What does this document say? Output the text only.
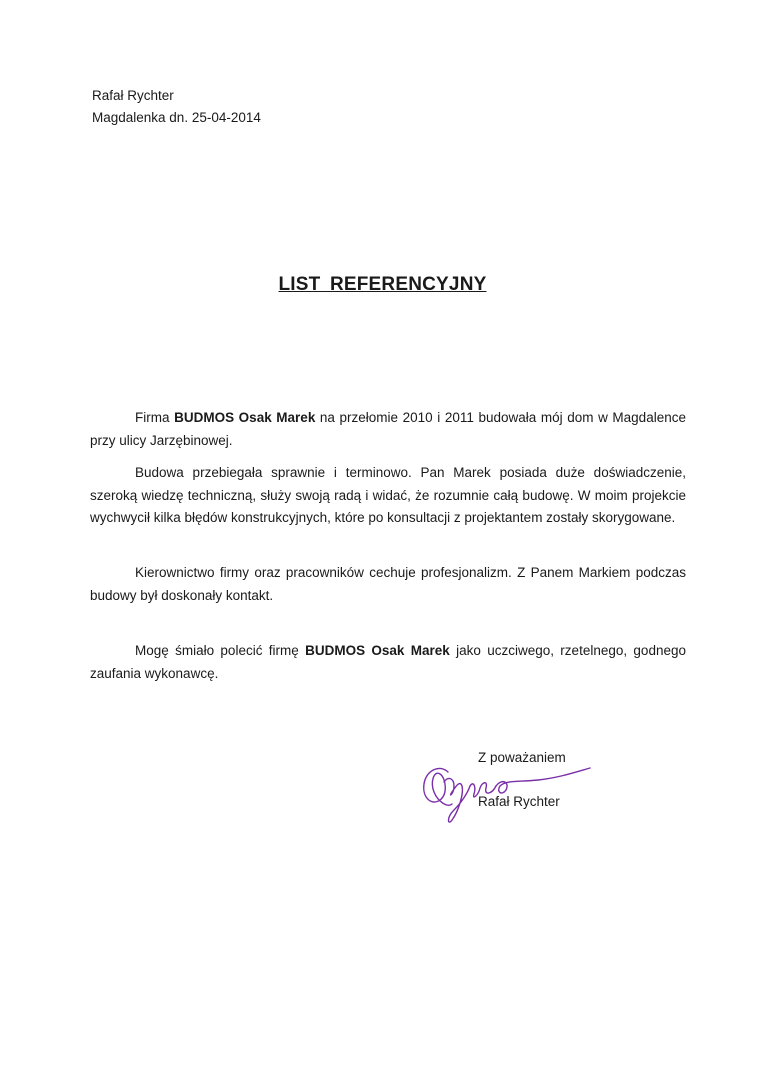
Rafał Rychter
Magdalenka dn. 25-04-2014
LIST REFERENCYJNY
Firma BUDMOS Osak Marek na przełomie 2010 i 2011 budowała mój dom w Magdalence przy ulicy Jarzębinowej.
Budowa przebiegała sprawnie i terminowo. Pan Marek posiada duże doświadczenie, szeroką wiedzę techniczną, służy swoją radą i widać, że rozumnie całą budowę. W moim projekcie wychwycił kilka błędów konstrukcyjnych, które po konsultacji z projektantem zostały skorygowane.
Kierownictwo firmy oraz pracowników cechuje profesjonalizm. Z Panem Markiem podczas budowy był doskonały kontakt.
Mogę śmiało polecić firmę BUDMOS Osak Marek jako uczciwego, rzetelnego, godnego zaufania wykonawcę.
Z poważaniem
Rafał Rychter
